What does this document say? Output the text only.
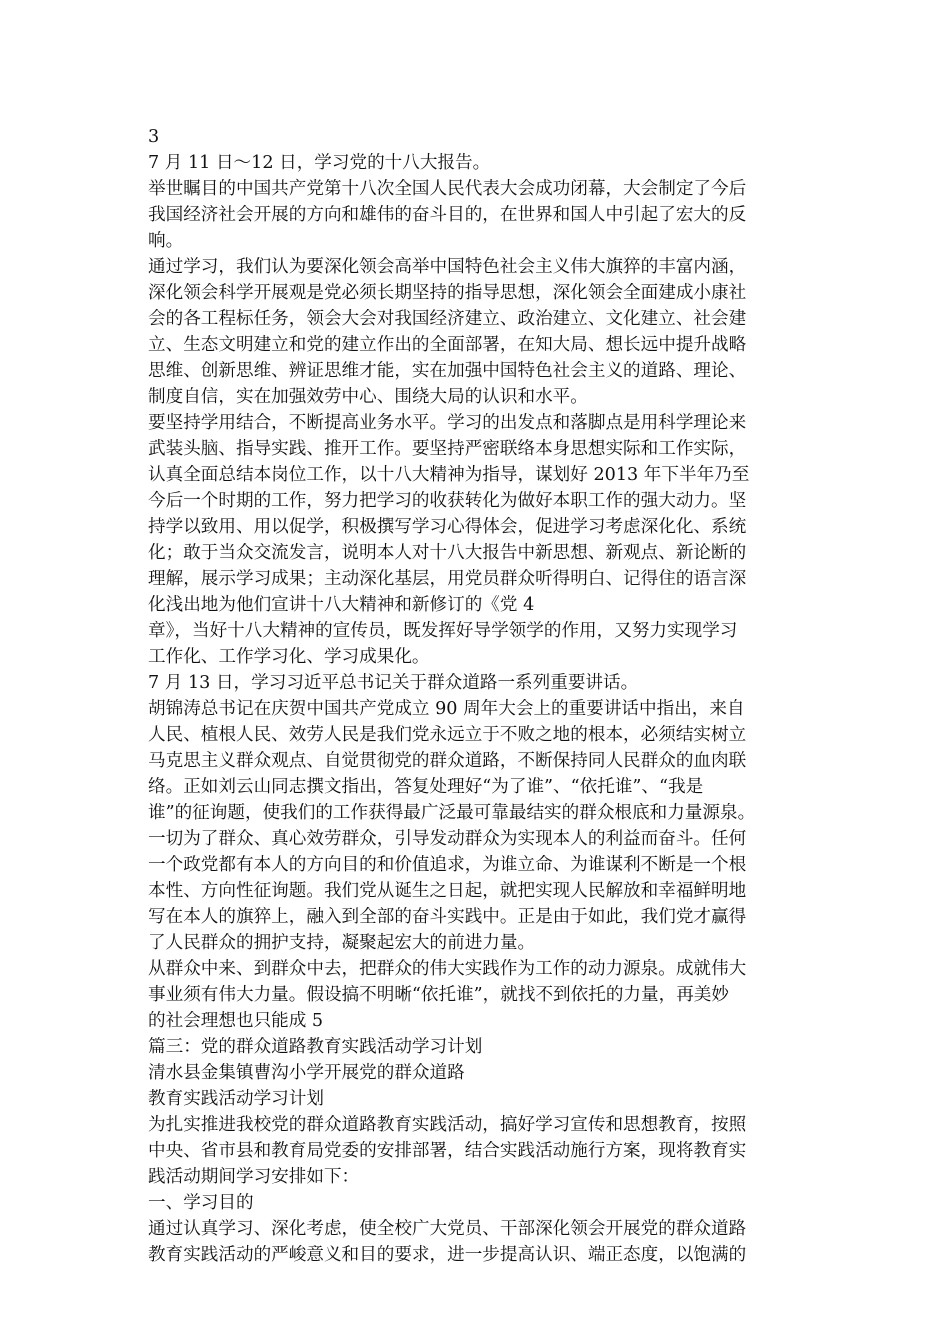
3
7 月 11 日～12 日，学习党的十八大报告。
举世瞩目的中国共产党第十八次全国人民代表大会成功闭幕，大会制定了今后
我国经济社会开展的方向和雄伟的奋斗目的，在世界和国人中引起了宏大的反
响。
通过学习，我们认为要深化领会高举中国特色社会主义伟大旗猝的丰富内涵，
深化领会科学开展观是党必须长期坚持的指导思想，深化领会全面建成小康社
会的各工程标任务，领会大会对我国经济建立、政治建立、文化建立、社会建
立、生态文明建立和党的建立作出的全面部署，在知大局、想长远中提升战略
思维、创新思维、辨证思维才能，实在加强中国特色社会主义的道路、理论、
制度自信，实在加强效劳中心、围绕大局的认识和水平。
要坚持学用结合，不断提高业务水平。学习的出发点和落脚点是用科学理论来
武装头脑、指导实践、推开工作。要坚持严密联络本身思想实际和工作实际，
认真全面总结本岗位工作，以十八大精神为指导，谋划好 2013 年下半年乃至
今后一个时期的工作，努力把学习的收获转化为做好本职工作的强大动力。坚
持学以致用、用以促学，积极撰写学习心得体会，促进学习考虑深化化、系统
化；敢于当众交流发言，说明本人对十八大报告中新思想、新观点、新论断的
理解，展示学习成果；主动深化基层，用党员群众听得明白、记得住的语言深
化浅出地为他们宣讲十八大精神和新修订的《党 4
章》，当好十八大精神的宣传员，既发挥好导学领学的作用，又努力实现学习
工作化、工作学习化、学习成果化。
7 月 13 日，学习习近平总书记关于群众道路一系列重要讲话。
胡锦涛总书记在庆贺中国共产党成立 90 周年大会上的重要讲话中指出，来自
人民、植根人民、效劳人民是我们党永远立于不败之地的根本，必须结实树立
马克思主义群众观点、自觉贯彻党的群众道路，不断保持同人民群众的血肉联
络。正如刘云山同志撰文指出，答复处理好“为了谁”、“依托谁”、“我是
谁”的征询题，使我们的工作获得最广泛最可靠最结实的群众根底和力量源泉。
一切为了群众、真心效劳群众，引导发动群众为实现本人的利益而奋斗。任何
一个政党都有本人的方向目的和价值追求，为谁立命、为谁谋利不断是一个根
本性、方向性征询题。我们党从诞生之日起，就把实现人民解放和幸福鲜明地
写在本人的旗猝上，融入到全部的奋斗实践中。正是由于如此，我们党才赢得
了人民群众的拥护支持，凝聚起宏大的前进力量。
从群众中来、到群众中去，把群众的伟大实践作为工作的动力源泉。成就伟大
事业须有伟大力量。假设搞不明晰“依托谁”，就找不到依托的力量，再美妙
的社会理想也只能成 5
篇三：党的群众道路教育实践活动学习计划
清水县金集镇曹沟小学开展党的群众道路
教育实践活动学习计划
为扎实推进我校党的群众道路教育实践活动，搞好学习宣传和思想教育，按照
中央、省市县和教育局党委的安排部署，结合实践活动施行方案，现将教育实
践活动期间学习安排如下：
一、学习目的
通过认真学习、深化考虑，使全校广大党员、干部深化领会开展党的群众道路
教育实践活动的严峻意义和目的要求，进一步提高认识、端正态度，以饱满的
